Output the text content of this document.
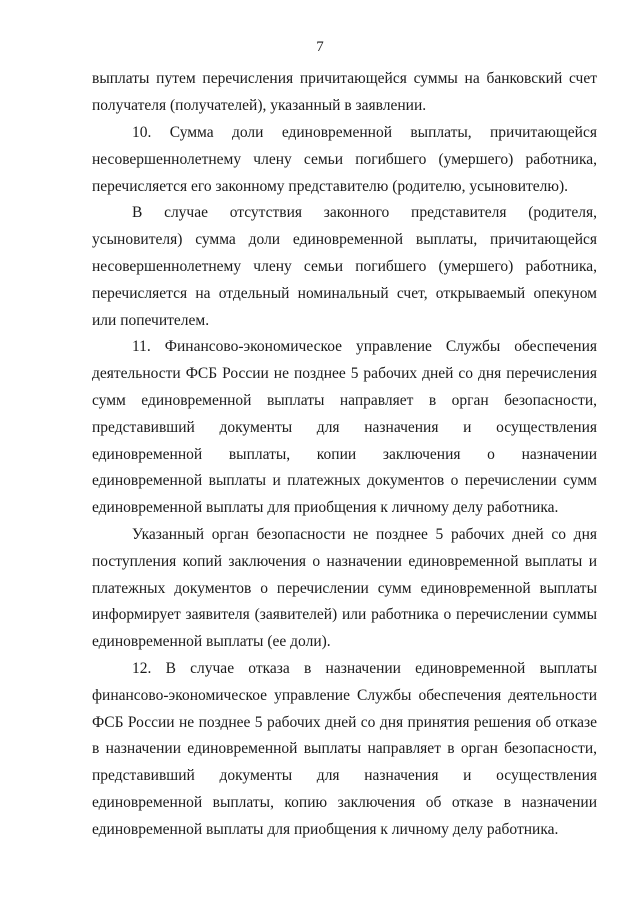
7

выплаты путем перечисления причитающейся суммы на банковский счет получателя (получателей), указанный в заявлении.

10. Сумма доли единовременной выплаты, причитающейся несовершеннолетнему члену семьи погибшего (умершего) работника, перечисляется его законному представителю (родителю, усыновителю).

В случае отсутствия законного представителя (родителя, усыновителя) сумма доли единовременной выплаты, причитающейся несовершеннолетнему члену семьи погибшего (умершего) работника, перечисляется на отдельный номинальный счет, открываемый опекуном или попечителем.

11. Финансово-экономическое управление Службы обеспечения деятельности ФСБ России не позднее 5 рабочих дней со дня перечисления сумм единовременной выплаты направляет в орган безопасности, представивший документы для назначения и осуществления единовременной выплаты, копии заключения о назначении единовременной выплаты и платежных документов о перечислении сумм единовременной выплаты для приобщения к личному делу работника.

Указанный орган безопасности не позднее 5 рабочих дней со дня поступления копий заключения о назначении единовременной выплаты и платежных документов о перечислении сумм единовременной выплаты информирует заявителя (заявителей) или работника о перечислении суммы единовременной выплаты (ее доли).

12. В случае отказа в назначении единовременной выплаты финансово-экономическое управление Службы обеспечения деятельности ФСБ России не позднее 5 рабочих дней со дня принятия решения об отказе в назначении единовременной выплаты направляет в орган безопасности, представивший документы для назначения и осуществления единовременной выплаты, копию заключения об отказе в назначении единовременной выплаты для приобщения к личному делу работника.
